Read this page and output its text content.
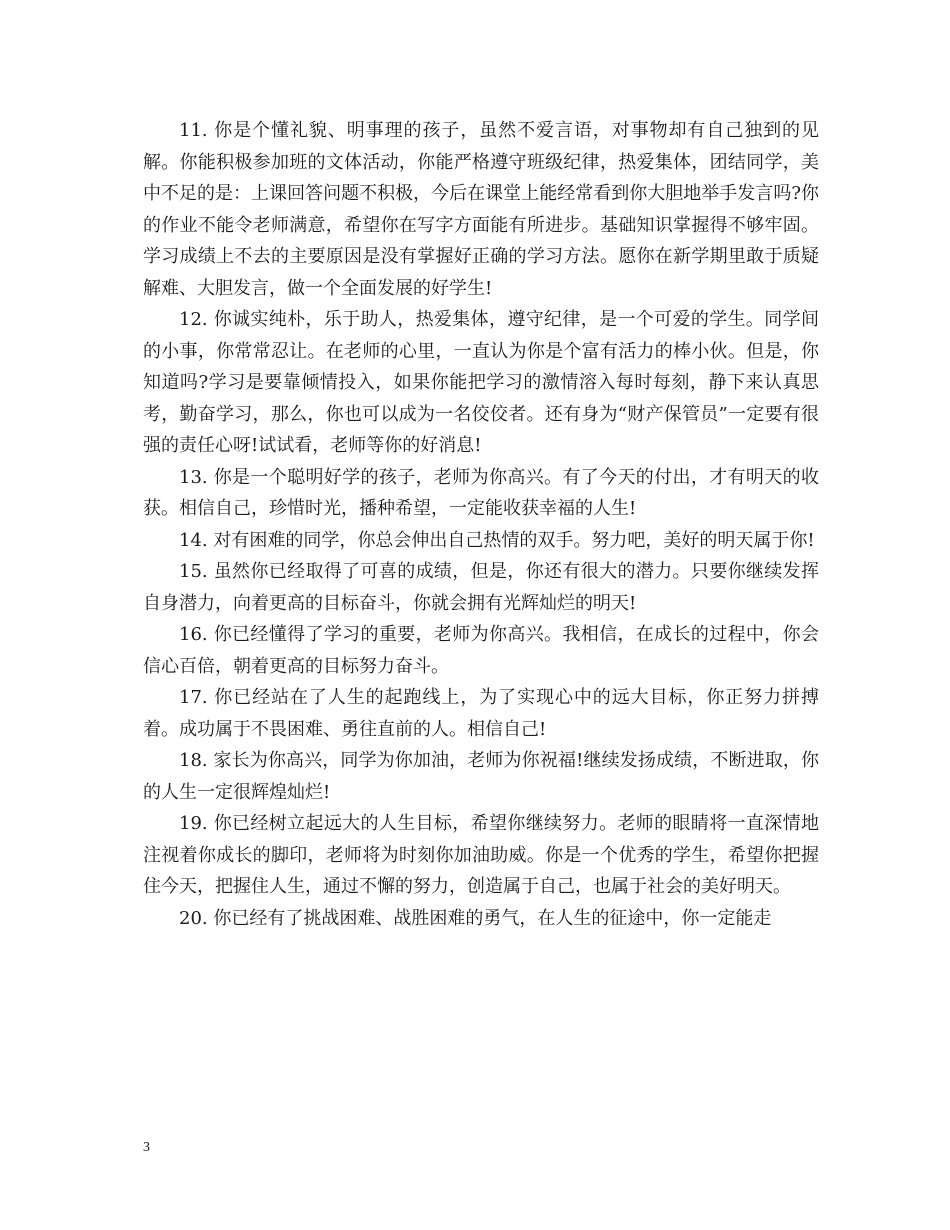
11. 你是个懂礼貌、明事理的孩子，虽然不爱言语，对事物却有自己独到的见解。你能积极参加班的文体活动，你能严格遵守班级纪律，热爱集体，团结同学，美中不足的是：上课回答问题不积极，今后在课堂上能经常看到你大胆地举手发言吗?你的作业不能令老师满意，希望你在写字方面能有所进步。基础知识掌握得不够牢固。学习成绩上不去的主要原因是没有掌握好正确的学习方法。愿你在新学期里敢于质疑解难、大胆发言，做一个全面发展的好学生!

12. 你诚实纯朴，乐于助人，热爱集体，遵守纪律，是一个可爱的学生。同学间的小事，你常常忍让。在老师的心里，一直认为你是个富有活力的棒小伙。但是，你知道吗?学习是要靠倾情投入，如果你能把学习的激情溶入每时每刻，静下来认真思考，勤奋学习，那么，你也可以成为一名佼佼者。还有身为“财产保管员”一定要有很强的责任心呀!试试看，老师等你的好消息!

13. 你是一个聪明好学的孩子，老师为你高兴。有了今天的付出，才有明天的收获。相信自己，珍惜时光，播种希望，一定能收获幸福的人生!

14. 对有困难的同学，你总会伸出自己热情的双手。努力吧，美好的明天属于你!

15. 虽然你已经取得了可喜的成绩，但是，你还有很大的潜力。只要你继续发挥自身潜力，向着更高的目标奋斗，你就会拥有光辉灿烂的明天!

16. 你已经懂得了学习的重要，老师为你高兴。我相信，在成长的过程中，你会信心百倍，朝着更高的目标努力奋斗。

17. 你已经站在了人生的起跑线上，为了实现心中的远大目标，你正努力拼搏着。成功属于不畏困难、勇往直前的人。相信自己!

18. 家长为你高兴，同学为你加油，老师为你祝福!继续发扬成绩，不断进取，你的人生一定很辉煌灿烂!

19. 你已经树立起远大的人生目标，希望你继续努力。老师的眼睛将一直深情地注视着你成长的脚印，老师将为时刻你加油助威。你是一个优秀的学生，希望你把握住今天，把握住人生，通过不懈的努力，创造属于自己，也属于社会的美好明天。

20. 你已经有了挑战困难、战胜困难的勇气，在人生的征途中，你一定能走

3
